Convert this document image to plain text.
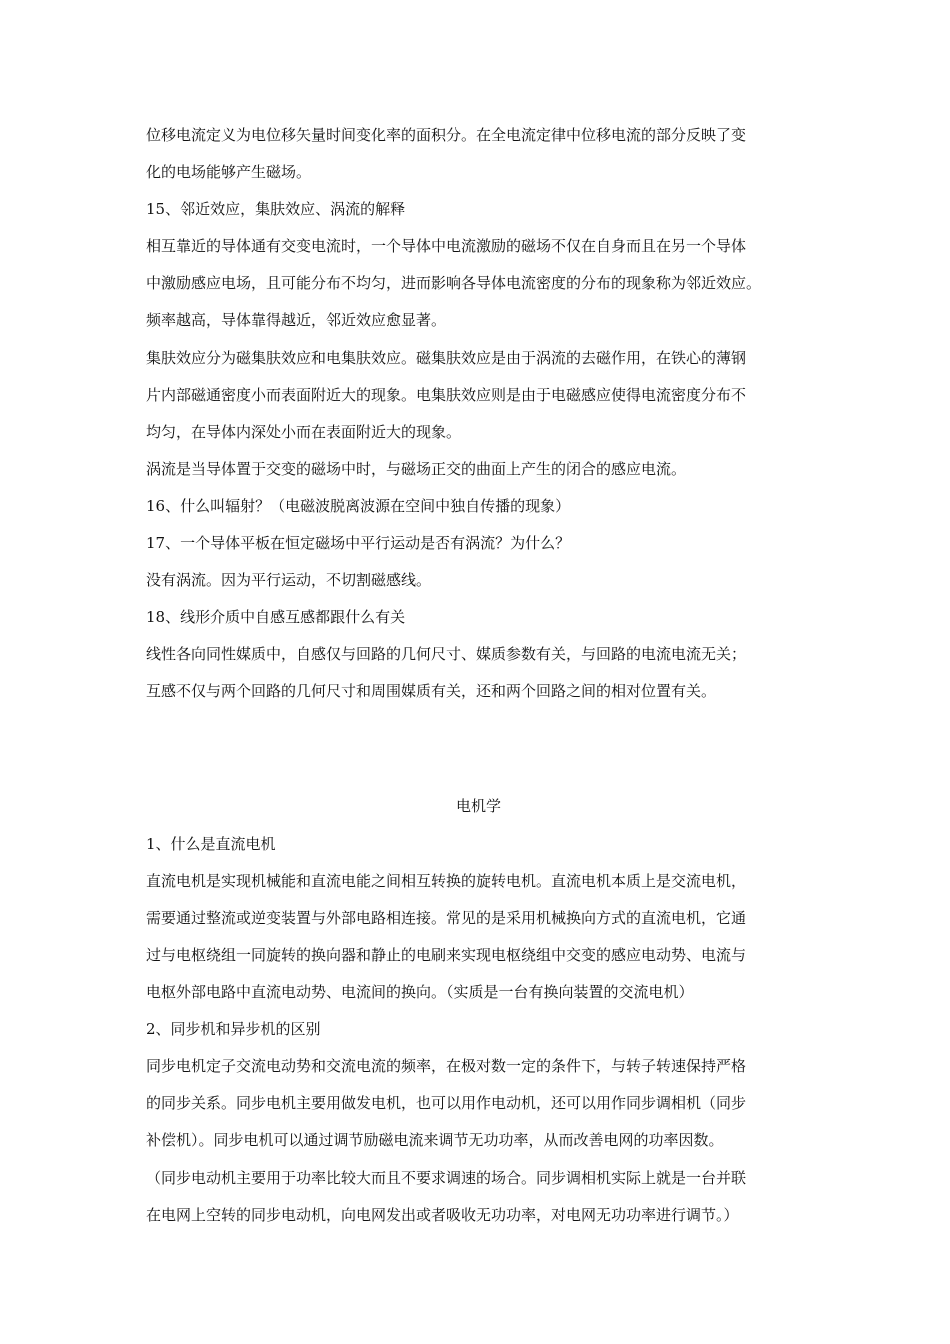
位移电流定义为电位移矢量时间变化率的面积分。在全电流定律中位移电流的部分反映了变
化的电场能够产生磁场。
15、邻近效应，集肤效应、涡流的解释
相互靠近的导体通有交变电流时，一个导体中电流激励的磁场不仅在自身而且在另一个导体
中激励感应电场，且可能分布不均匀，进而影响各导体电流密度的分布的现象称为邻近效应。
频率越高，导体靠得越近，邻近效应愈显著。
集肤效应分为磁集肤效应和电集肤效应。磁集肤效应是由于涡流的去磁作用，在铁心的薄钢
片内部磁通密度小而表面附近大的现象。电集肤效应则是由于电磁感应使得电流密度分布不
均匀，在导体内深处小而在表面附近大的现象。
涡流是当导体置于交变的磁场中时，与磁场正交的曲面上产生的闭合的感应电流。
16、什么叫辐射？（电磁波脱离波源在空间中独自传播的现象）
17、一个导体平板在恒定磁场中平行运动是否有涡流？为什么？
没有涡流。因为平行运动，不切割磁感线。
18、线形介质中自感互感都跟什么有关
线性各向同性媒质中，自感仅与回路的几何尺寸、媒质参数有关，与回路的电流电流无关；
互感不仅与两个回路的几何尺寸和周围媒质有关，还和两个回路之间的相对位置有关。
电机学
1、什么是直流电机
直流电机是实现机械能和直流电能之间相互转换的旋转电机。直流电机本质上是交流电机，
需要通过整流或逆变装置与外部电路相连接。常见的是采用机械换向方式的直流电机，它通
过与电枢绕组一同旋转的换向器和静止的电刷来实现电枢绕组中交变的感应电动势、电流与
电枢外部电路中直流电动势、电流间的换向。（实质是一台有换向装置的交流电机）
2、同步机和异步机的区别
同步电机定子交流电动势和交流电流的频率，在极对数一定的条件下，与转子转速保持严格
的同步关系。同步电机主要用做发电机，也可以用作电动机，还可以用作同步调相机（同步
补偿机）。同步电机可以通过调节励磁电流来调节无功功率，从而改善电网的功率因数。
（同步电动机主要用于功率比较大而且不要求调速的场合。同步调相机实际上就是一台并联
在电网上空转的同步电动机，向电网发出或者吸收无功功率，对电网无功功率进行调节。）
